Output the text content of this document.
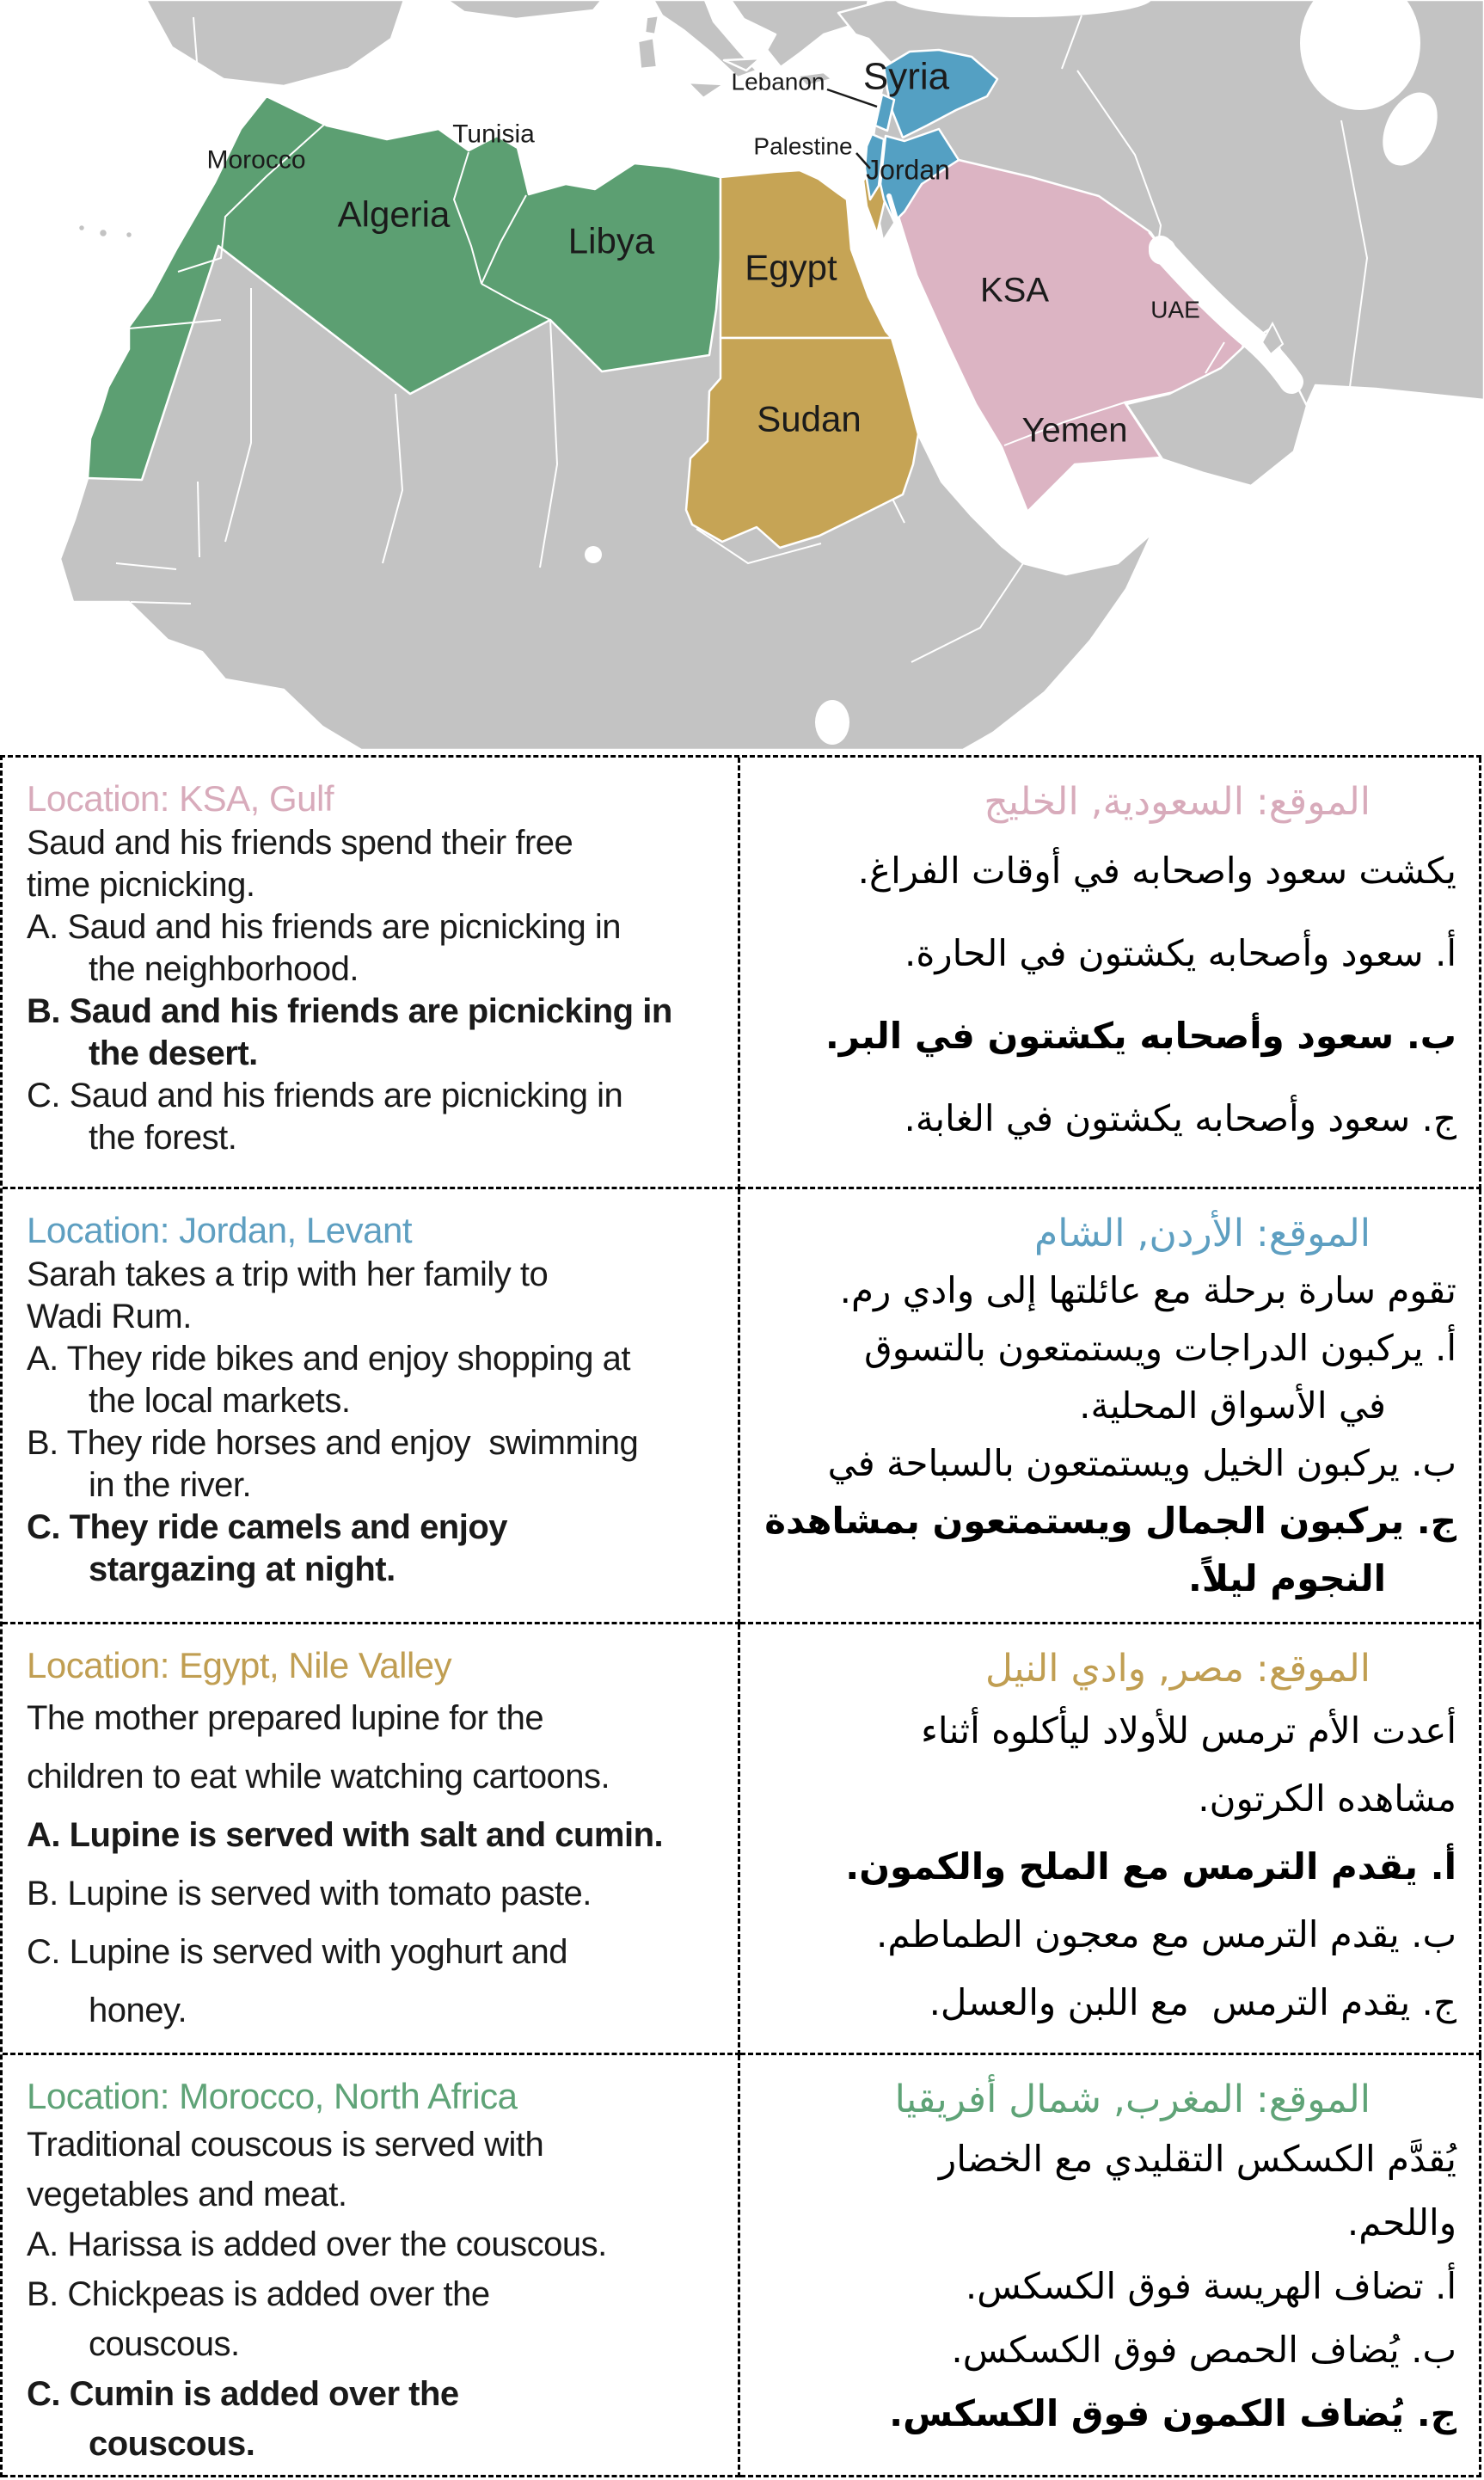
Morocco
Tunisia
Algeria
Libya
Egypt
Sudan
Lebanon
Palestine
Syria
Jordan
KSA
UAE
Yemen
Location: KSA, Gulf
Saud and his friends spend their free
time picnicking.
A. Saud and his friends are picnicking in
the neighborhood.
B. Saud and his friends are picnicking in
the desert.
C. Saud and his friends are picnicking in
the forest.
الموقع: السعودية, الخليج
يكشت سعود واصحابه في أوقات الفراغ.
أ. سعود وأصحابه يكشتون في الحارة.
ب. سعود وأصحابه يكشتون في البر.
ج. سعود وأصحابه يكشتون في الغابة.
Location: Jordan, Levant
Sarah takes a trip with her family to
Wadi Rum.
A. They ride bikes and enjoy shopping at
the local markets.
B. They ride horses and enjoy  swimming
in the river.
C. They ride camels and enjoy
stargazing at night.
الموقع: الأردن, الشام
تقوم سارة برحلة مع عائلتها إلى وادي رم.
أ. يركبون الدراجات ويستمتعون بالتسوق
في الأسواق المحلية.
ب. يركبون الخيل ويستمتعون بالسباحة في
ج. يركبون الجمال ويستمتعون بمشاهدة
النجوم ليلاً.
Location: Egypt, Nile Valley
The mother prepared lupine for the
children to eat while watching cartoons.
A. Lupine is served with salt and cumin.
B. Lupine is served with tomato paste.
C. Lupine is served with yoghurt and
honey.
الموقع: مصر, وادي النيل
أعدت الأم ترمس للأولاد ليأكلوه أثناء
مشاهده الكرتون.
أ. يقدم الترمس مع الملح والكمون.
ب. يقدم الترمس مع معجون الطماطم.
ج. يقدم الترمس  مع اللبن والعسل.
Location: Morocco, North Africa
Traditional couscous is served with
vegetables and meat.
A. Harissa is added over the couscous.
B. Chickpeas is added over the
couscous.
C. Cumin is added over the
couscous.
الموقع: المغرب, شمال أفريقيا
يُقدَّم الكسكس التقليدي مع الخضار
واللحم.
أ. تضاف الهريسة فوق الكسكس.
ب. يُضاف الحمص فوق الكسكس.
ج. يُضاف الكمون فوق الكسكس.
